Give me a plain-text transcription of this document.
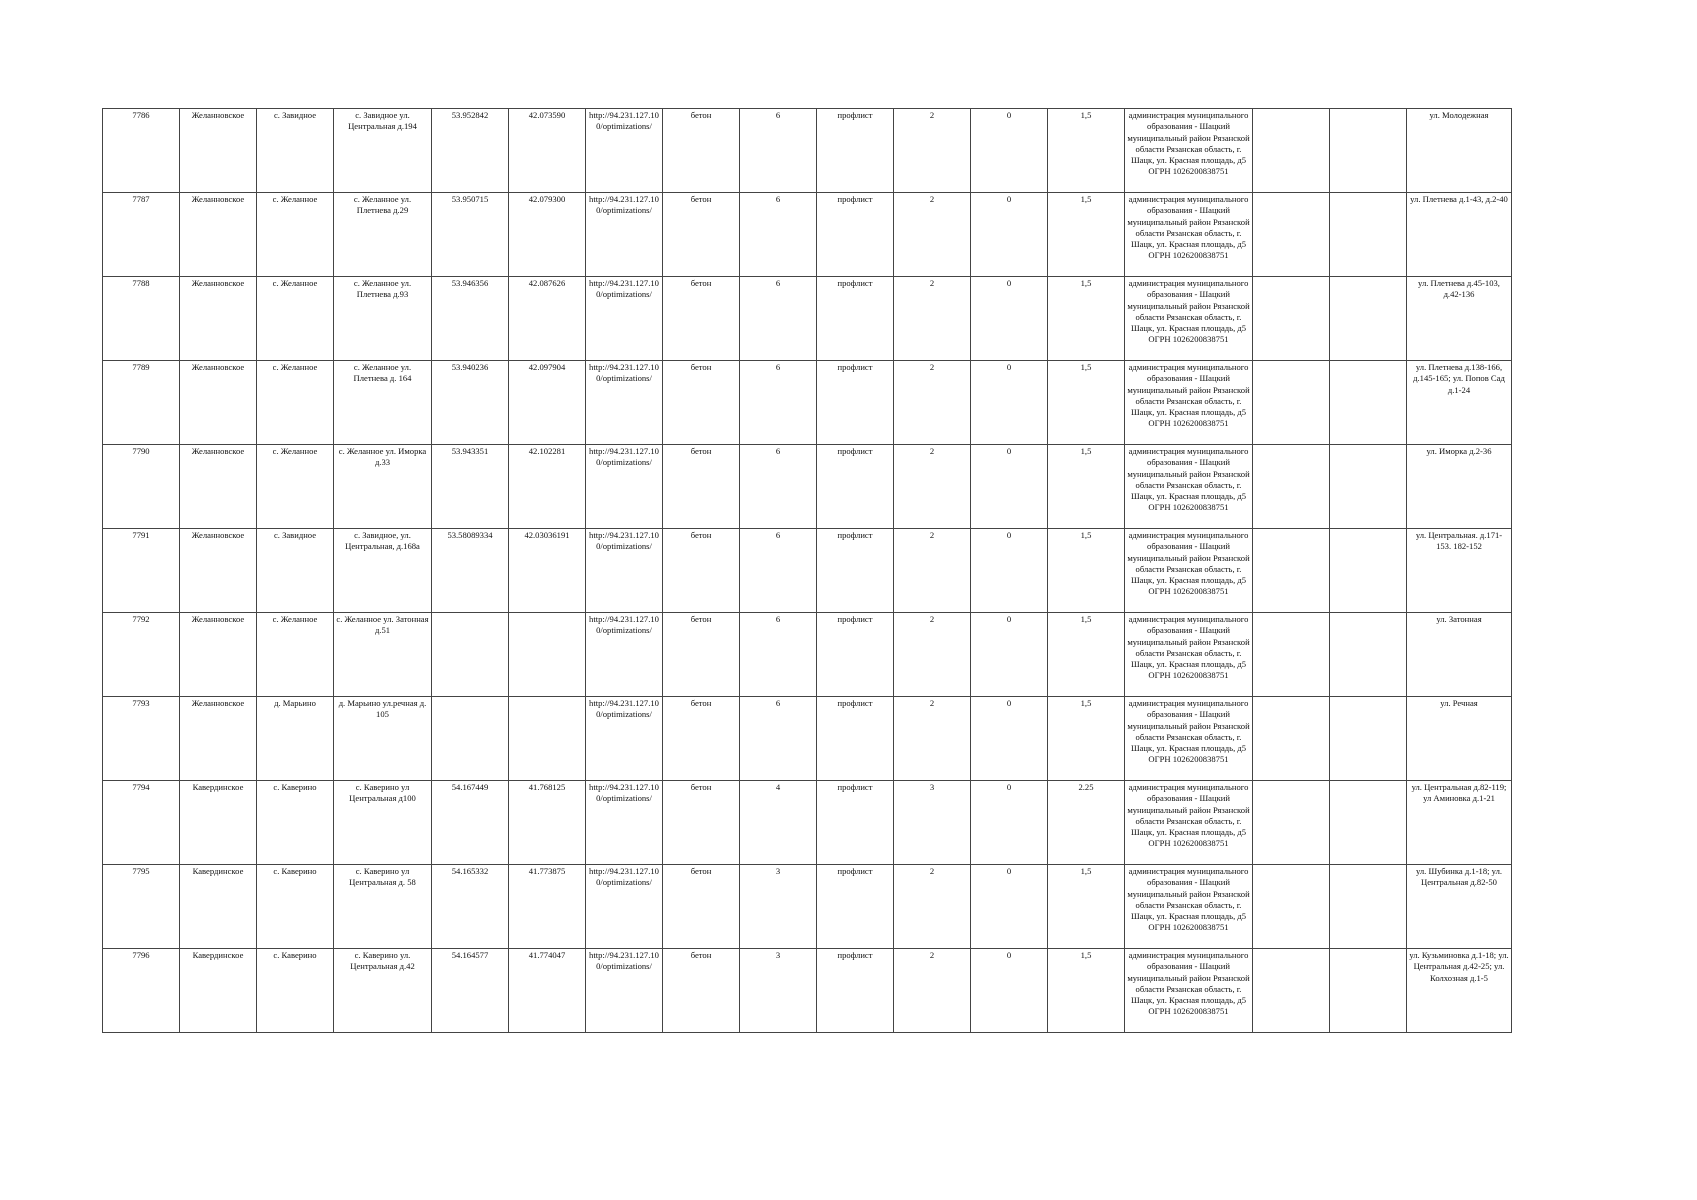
7786	Желанновское	с. Завидное	с. Завидное ул. Центральная д.194	53.952842	42.073590	http://94.231.127.100/optimizations/	бетон	6	профлист	2	0	1,5	администрация муниципального образования - Шацкий муниципальный район Рязанской области Рязанская область, г. Шацк, ул. Красная площадь, д5 ОГРН 1026200838751			ул. Молодежная
7787	Желанновское	с. Желанное	с. Желанное ул. Плетнева д.29	53.950715	42.079300	http://94.231.127.100/optimizations/	бетон	6	профлист	2	0	1,5	администрация муниципального образования - Шацкий муниципальный район Рязанской области Рязанская область, г. Шацк, ул. Красная площадь, д5 ОГРН 1026200838751			ул. Плетнева д.1-43, д.2-40
7788	Желанновское	с. Желанное	с. Желанное ул. Плетнева д.93	53.946356	42.087626	http://94.231.127.100/optimizations/	бетон	6	профлист	2	0	1,5	администрация муниципального образования - Шацкий муниципальный район Рязанской области Рязанская область, г. Шацк, ул. Красная площадь, д5 ОГРН 1026200838751			ул. Плетнева д.45-103, д.42-136
7789	Желанновское	с. Желанное	с. Желанное ул. Плетнева д. 164	53.940236	42.097904	http://94.231.127.100/optimizations/	бетон	6	профлист	2	0	1,5	администрация муниципального образования - Шацкий муниципальный район Рязанской области Рязанская область, г. Шацк, ул. Красная площадь, д5 ОГРН 1026200838751			ул. Плетнева д.138-166, д.145-165; ул. Попов Сад д.1-24
7790	Желанновское	с. Желанное	с. Желанное ул. Иморка д.33	53.943351	42.102281	http://94.231.127.100/optimizations/	бетон	6	профлист	2	0	1,5	администрация муниципального образования - Шацкий муниципальный район Рязанской области Рязанская область, г. Шацк, ул. Красная площадь, д5 ОГРН 1026200838751			ул. Иморка д.2-36
7791	Желанновское	с. Завидное	с. Завидное, ул. Центральная, д.168а	53.58089334	42.03036191	http://94.231.127.100/optimizations/	бетон	6	профлист	2	0	1,5	администрация муниципального образования - Шацкий муниципальный район Рязанской области Рязанская область, г. Шацк, ул. Красная площадь, д5 ОГРН 1026200838751			ул. Центральная. д.171-153. 182-152
7792	Желанновское	с. Желанное	с. Желанное ул. Затонная д.51			http://94.231.127.100/optimizations/	бетон	6	профлист	2	0	1,5	администрация муниципального образования - Шацкий муниципальный район Рязанской области Рязанская область, г. Шацк, ул. Красная площадь, д5 ОГРН 1026200838751			ул. Затонная
7793	Желанновское	д. Марьино	д. Марьино ул.речная д. 105			http://94.231.127.100/optimizations/	бетон	6	профлист	2	0	1,5	администрация муниципального образования - Шацкий муниципальный район Рязанской области Рязанская область, г. Шацк, ул. Красная площадь, д5 ОГРН 1026200838751			ул. Речная
7794	Кавердинское	с. Каверино	с. Каверино ул Центральная д100	54.167449	41.768125	http://94.231.127.100/optimizations/	бетон	4	профлист	3	0	2.25	администрация муниципального образования - Шацкий муниципальный район Рязанской области Рязанская область, г. Шацк, ул. Красная площадь, д5 ОГРН 1026200838751			ул. Центральная д.82-119; ул Аминовка д.1-21
7795	Кавердинское	с. Каверино	с. Каверино ул Центральная д. 58	54.165332	41.773875	http://94.231.127.100/optimizations/	бетон	3	профлист	2	0	1,5	администрация муниципального образования - Шацкий муниципальный район Рязанской области Рязанская область, г. Шацк, ул. Красная площадь, д5 ОГРН 1026200838751			ул. Шубинка д.1-18; ул. Центральная д.82-50
7796	Кавердинское	с. Каверино	с. Каверино ул. Центральная д.42	54.164577	41.774047	http://94.231.127.100/optimizations/	бетон	3	профлист	2	0	1,5	администрация муниципального образования - Шацкий муниципальный район Рязанской области Рязанская область, г. Шацк, ул. Красная площадь, д5 ОГРН 1026200838751			ул. Кузьминовка д.1-18; ул. Центральная д.42-25; ул. Колхозная д.1-5
